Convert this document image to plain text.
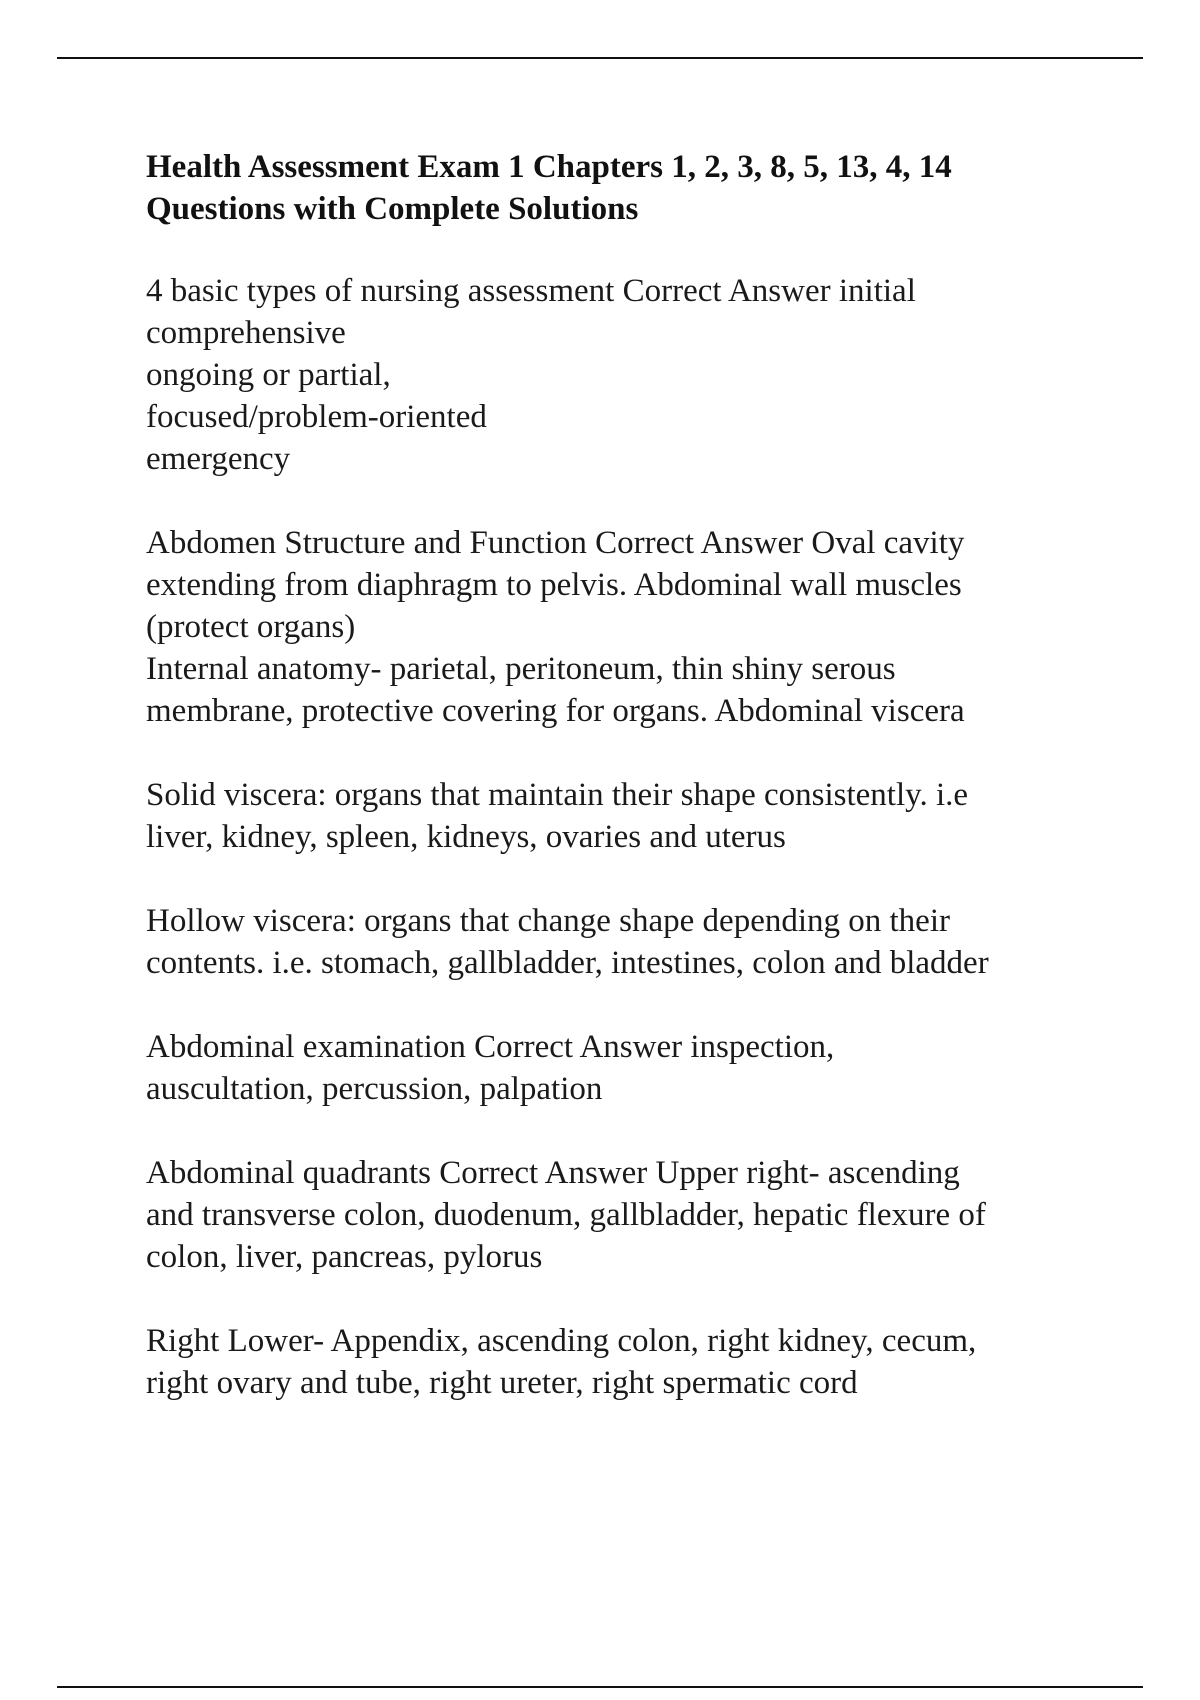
Health Assessment Exam 1 Chapters 1, 2, 3, 8, 5, 13, 4, 14
Questions with Complete Solutions

4 basic types of nursing assessment Correct Answer initial
comprehensive
ongoing or partial,
focused/problem-oriented
emergency

Abdomen Structure and Function Correct Answer Oval cavity
extending from diaphragm to pelvis. Abdominal wall muscles
(protect organs)
Internal anatomy- parietal, peritoneum, thin shiny serous
membrane, protective covering for organs. Abdominal viscera

Solid viscera: organs that maintain their shape consistently. i.e
liver, kidney, spleen, kidneys, ovaries and uterus

Hollow viscera: organs that change shape depending on their
contents. i.e. stomach, gallbladder, intestines, colon and bladder

Abdominal examination Correct Answer inspection,
auscultation, percussion, palpation

Abdominal quadrants Correct Answer Upper right- ascending
and transverse colon, duodenum, gallbladder, hepatic flexure of
colon, liver, pancreas, pylorus

Right Lower- Appendix, ascending colon, right kidney, cecum,
right ovary and tube, right ureter, right spermatic cord
